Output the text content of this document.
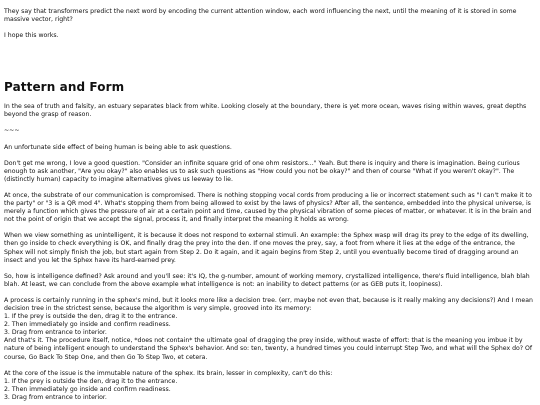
They say that transformers predict the next word by encoding the current attention window, each word influencing the next, until the meaning of it is stored in some massive vector, right?

I hope this works.

Pattern and Form

In the sea of truth and falsity, an estuary separates black from white. Looking closely at the boundary, there is yet more ocean, waves rising within waves, great depths beyond the grasp of reason.

~~~

An unfortunate side effect of being human is being able to ask questions.

Don't get me wrong, I love a good question. "Consider an infinite square grid of one ohm resistors..." Yeah. But there is inquiry and there is imagination. Being curious enough to ask another, "Are you okay?" also enables us to ask such questions as "How could you not be okay?" and then of course "What if you weren't okay?". The (distinctly human) capacity to imagine alternatives gives us leeway to lie.

At once, the substrate of our communication is compromised. There is nothing stopping vocal cords from producing a lie or incorrect statement such as "I can't make it to the party" or "3 is a QR mod 4". What's stopping them from being allowed to exist by the laws of physics? After all, the sentence, embedded into the physical universe, is merely a function which gives the pressure of air at a certain point and time, caused by the physical vibration of some pieces of matter, or whatever. It is in the brain and not the point of origin that we accept the signal, process it, and finally interpret the meaning it holds as wrong.

When we view something as unintelligent, it is because it does not respond to external stimuli. An example: the Sphex wasp will drag its prey to the edge of its dwelling, then go inside to check everything is OK, and finally drag the prey into the den. If one moves the prey, say, a foot from where it lies at the edge of the entrance, the Sphex will not simply finish the job, but start again from Step 2. Do it again, and it again begins from Step 2, until you eventually become tired of dragging around an insect and you let the Sphex have its hard-earned prey.

So, how is intelligence defined? Ask around and you'll see: it's IQ, the g-number, amount of working memory, crystallized intelligence, there's fluid intelligence, blah blah blah. At least, we can conclude from the above example what intelligence is not: an inability to detect patterns (or as GEB puts it, loopiness).

A process is certainly running in the sphex's mind, but it looks more like a decision tree. (err, maybe not even that, because is it really making any decisions?) And I mean decision tree in the strictest sense, because the algorithm is very simple, grooved into its memory:

1. If the prey is outside the den, drag it to the entrance.

2. Then immediately go inside and confirm readiness.

3. Drag from entrance to interior.

And that's it. The procedure itself, notice, *does not contain* the ultimate goal of dragging the prey inside, without waste of effort: that is the meaning you imbue it by nature of being intelligent enough to understand the Sphex's behavior. And so: ten, twenty, a hundred times you could interrupt Step Two, and what will the Sphex do? Of course, Go Back To Step One, and then Go To Step Two, et cetera.

At the core of the issue is the immutable nature of the sphex. Its brain, lesser in complexity, can't do this:

1. If the prey is outside the den, drag it to the entrance.

2. Then immediately go inside and confirm readiness.

3. Drag from entrance to interior.
